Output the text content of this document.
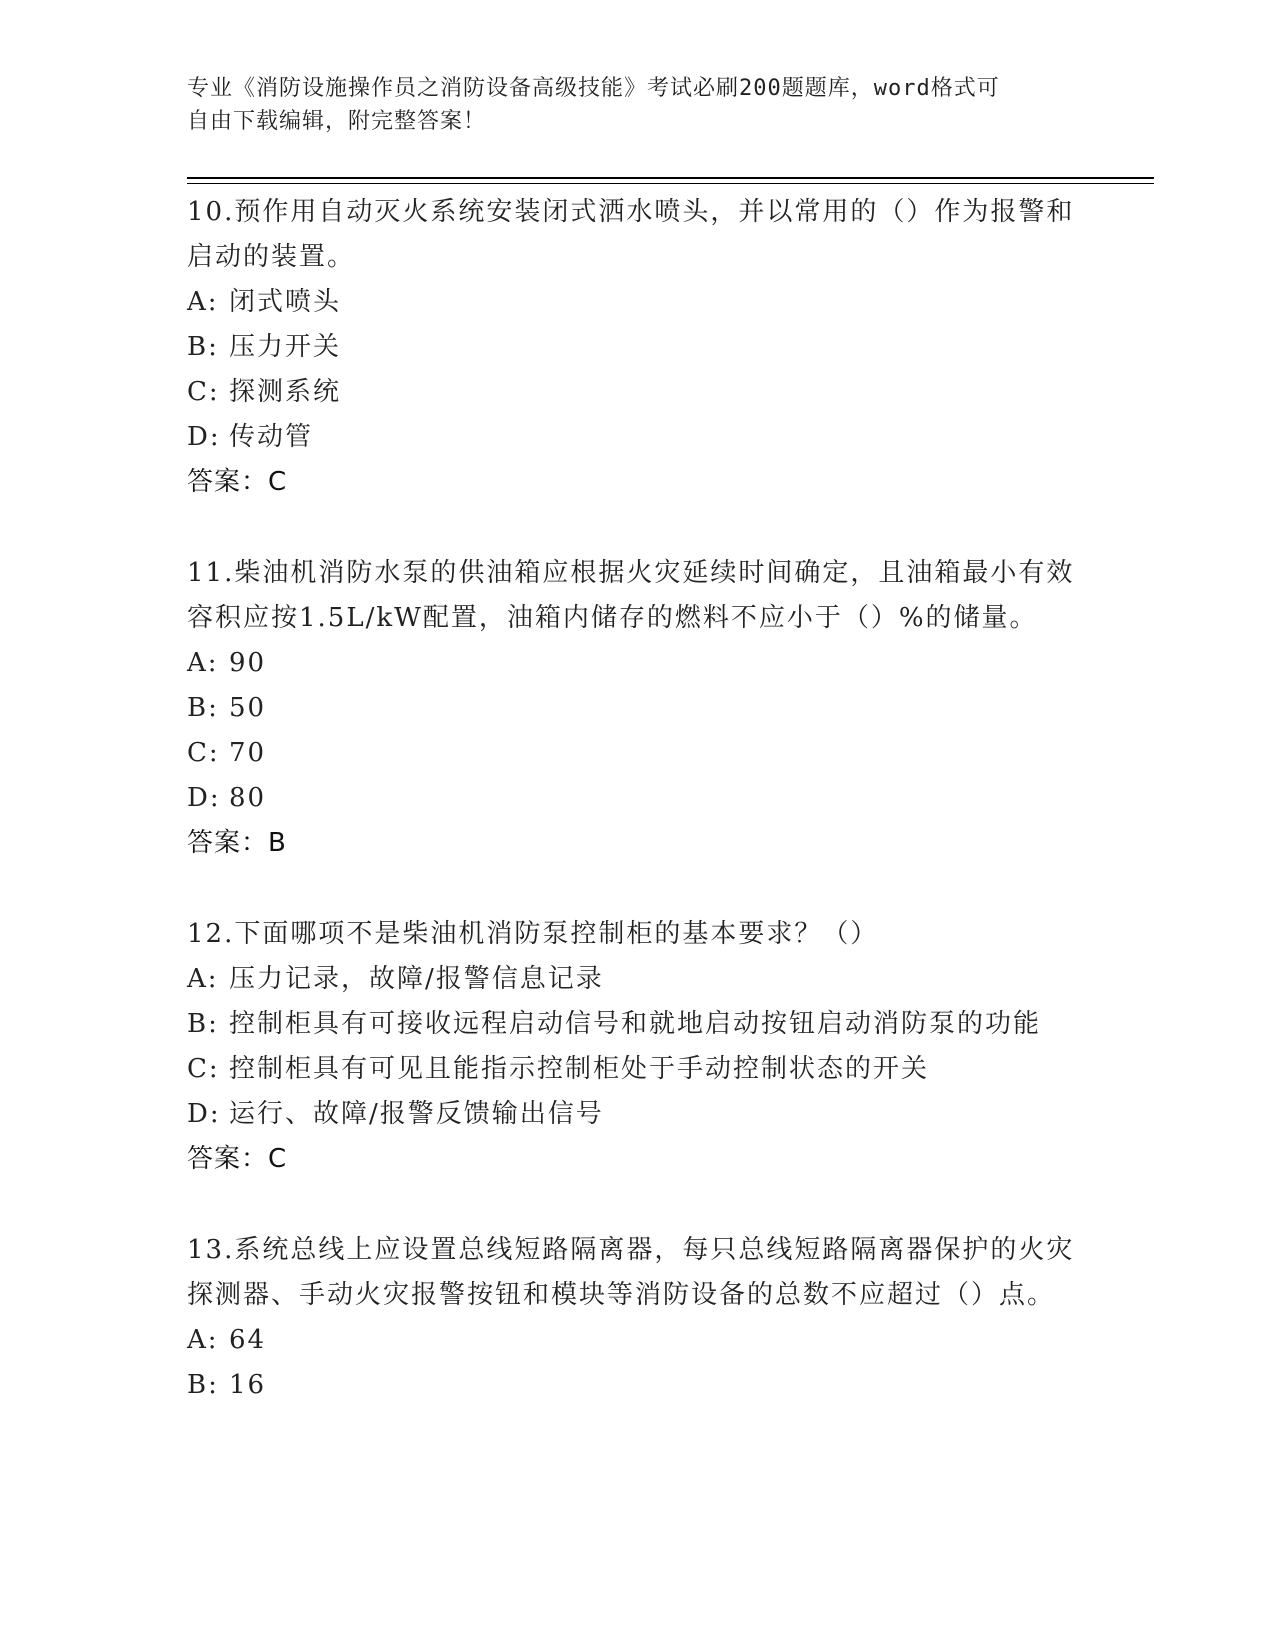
专业《消防设施操作员之消防设备高级技能》考试必刷200题题库，word格式可
自由下载编辑，附完整答案！
10.预作用自动灭火系统安装闭式洒水喷头，并以常用的（）作为报警和启动的装置。
A: 闭式喷头
B: 压力开关
C: 探测系统
D: 传动管
答案：C
11.柴油机消防水泵的供油箱应根据火灾延续时间确定，且油箱最小有效容积应按1.5L/kW配置，油箱内储存的燃料不应小于（）%的储量。
A: 90
B: 50
C: 70
D: 80
答案：B
12.下面哪项不是柴油机消防泵控制柜的基本要求？（）
A: 压力记录，故障/报警信息记录
B: 控制柜具有可接收远程启动信号和就地启动按钮启动消防泵的功能
C: 控制柜具有可见且能指示控制柜处于手动控制状态的开关
D: 运行、故障/报警反馈输出信号
答案：C
13.系统总线上应设置总线短路隔离器，每只总线短路隔离器保护的火灾探测器、手动火灾报警按钮和模块等消防设备的总数不应超过（）点。
A: 64
B: 16
